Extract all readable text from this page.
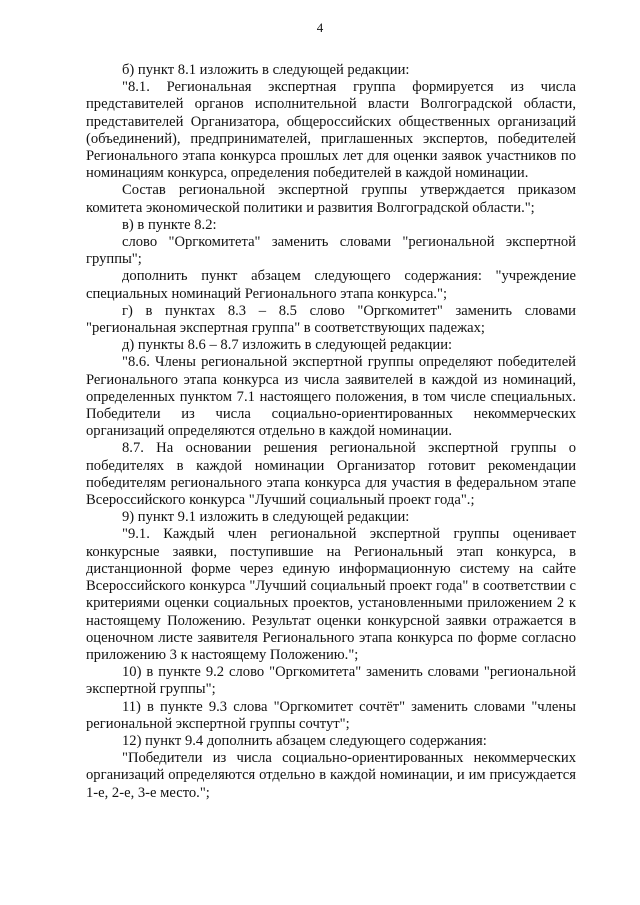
4

б) пункт 8.1 изложить в следующей редакции:

"8.1. Региональная экспертная группа формируется из числа представителей органов исполнительной власти Волгоградской области, представителей Организатора, общероссийских общественных организаций (объединений), предпринимателей, приглашенных экспертов, победителей Регионального этапа конкурса прошлых лет для оценки заявок участников по номинациям конкурса, определения победителей в каждой номинации.

Состав региональной экспертной группы утверждается приказом комитета экономической политики и развития Волгоградской области.";

в) в пункте 8.2:

слово "Оргкомитета" заменить словами "региональной экспертной группы";

дополнить пункт абзацем следующего содержания: "учреждение специальных номинаций Регионального этапа конкурса.";

г) в пунктах 8.3 – 8.5 слово "Оргкомитет" заменить словами "региональная экспертная группа" в соответствующих падежах;

д) пункты 8.6 – 8.7 изложить в следующей редакции:

"8.6. Члены региональной экспертной группы определяют победителей Регионального этапа конкурса из числа заявителей в каждой из номинаций, определенных пунктом 7.1 настоящего положения, в том числе специальных. Победители из числа социально-ориентированных некоммерческих организаций определяются отдельно в каждой номинации.

8.7. На основании решения региональной экспертной группы о победителях в каждой номинации Организатор готовит рекомендации победителям регионального этапа конкурса для участия в федеральном этапе Всероссийского конкурса "Лучший социальный проект года".;

9) пункт 9.1 изложить в следующей редакции:

"9.1. Каждый член региональной экспертной группы оценивает конкурсные заявки, поступившие на Региональный этап конкурса, в дистанционной форме через единую информационную систему на сайте Всероссийского конкурса "Лучший социальный проект года" в соответствии с критериями оценки социальных проектов, установленными приложением 2 к настоящему Положению. Результат оценки конкурсной заявки отражается в оценочном листе заявителя Регионального этапа конкурса по форме согласно приложению 3 к настоящему Положению.";

10) в пункте 9.2 слово "Оргкомитета" заменить словами "региональной экспертной группы";

11) в пункте 9.3 слова "Оргкомитет сочтёт" заменить словами "члены региональной экспертной группы сочтут";

12) пункт 9.4 дополнить абзацем следующего содержания:

"Победители из числа социально-ориентированных некоммерческих организаций определяются отдельно в каждой номинации, и им присуждается 1-е, 2-е, 3-е место.";
